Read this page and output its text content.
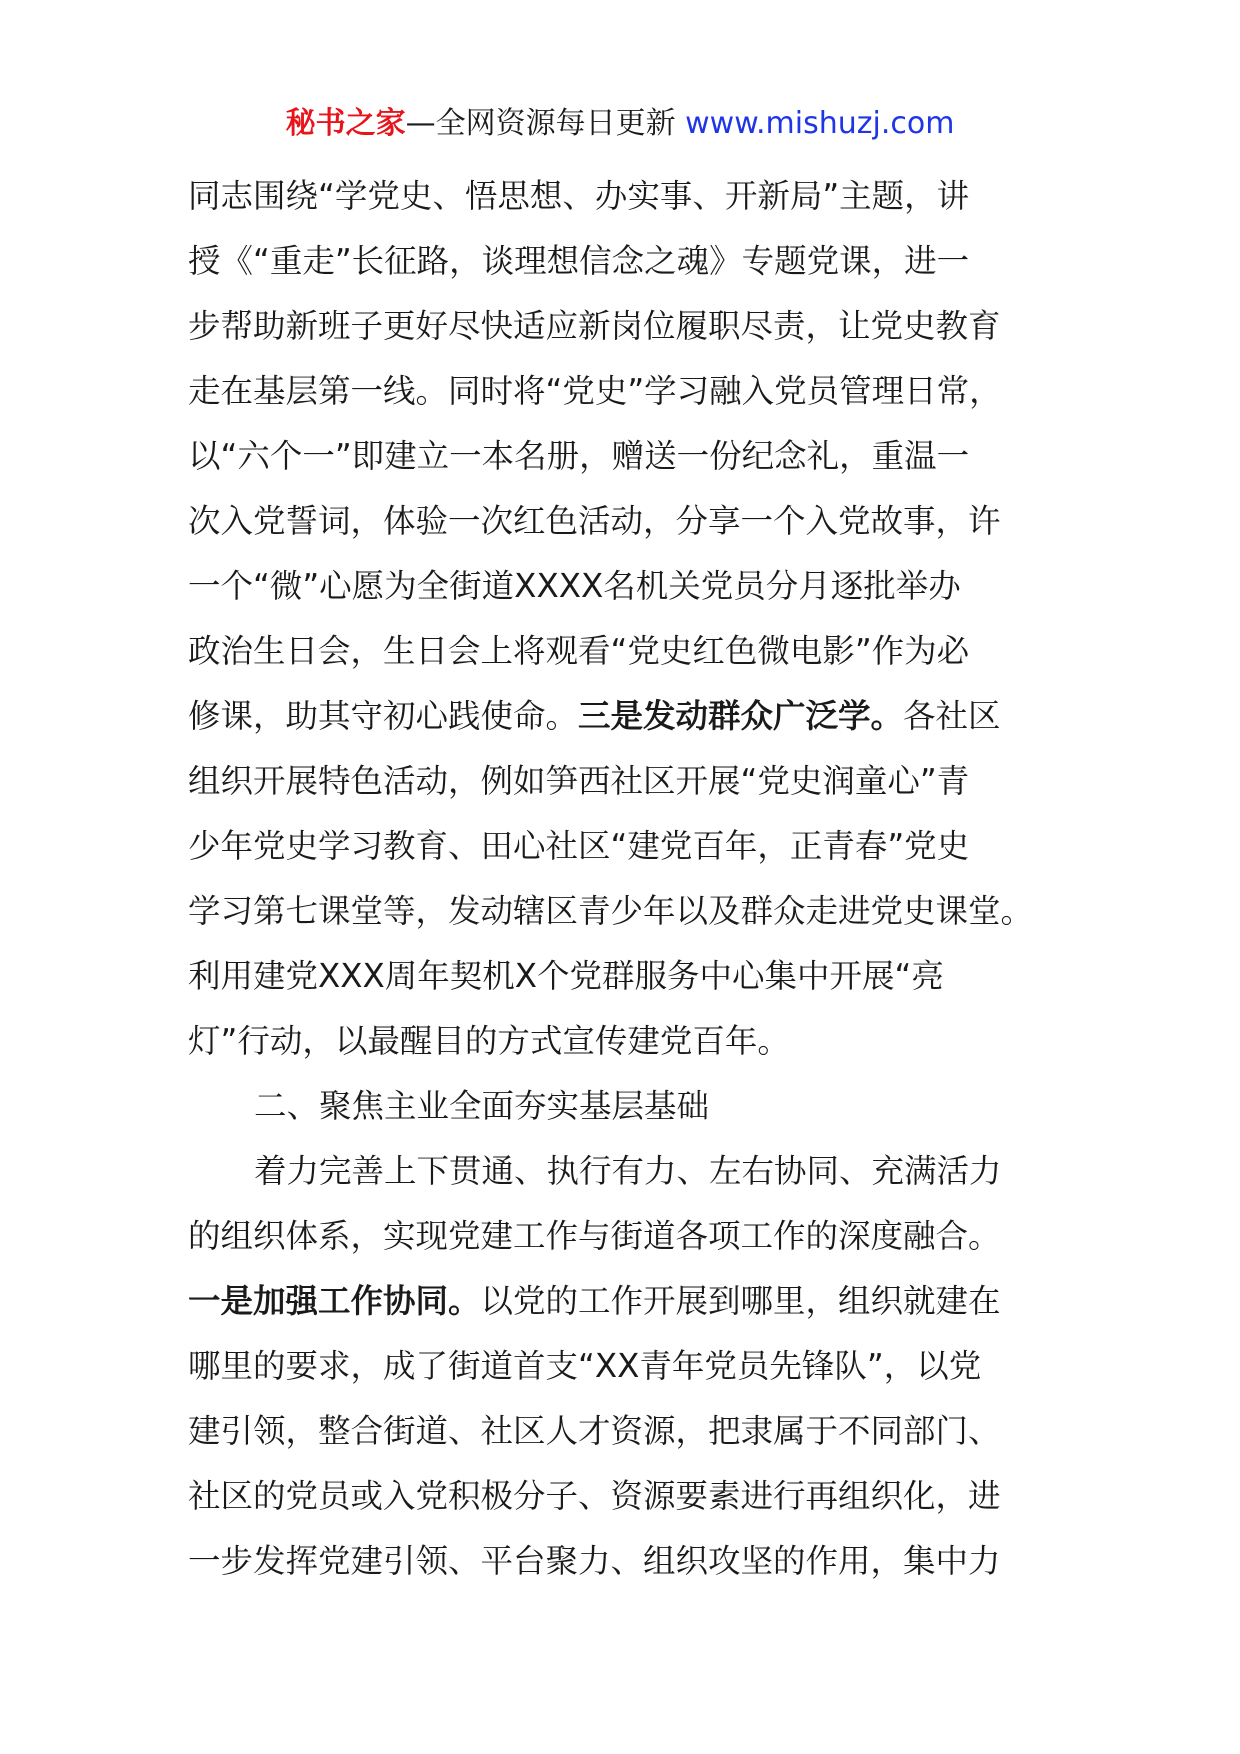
秘书之家—全网资源每日更新 www.mishuzj.com
同志围绕“学党史、悟思想、办实事、开新局”主题，讲
授《“重走”长征路，谈理想信念之魂》专题党课，进一
步帮助新班子更好尽快适应新岗位履职尽责，让党史教育
走在基层第一线。同时将“党史”学习融入党员管理日常，
以“六个一”即建立一本名册，赠送一份纪念礼，重温一
次入党誓词，体验一次红色活动，分享一个入党故事，许
一个“微”心愿为全街道XXXX名机关党员分月逐批举办
政治生日会，生日会上将观看“党史红色微电影”作为必
修课，助其守初心践使命。三是发动群众广泛学。各社区
组织开展特色活动，例如笋西社区开展“党史润童心”青
少年党史学习教育、田心社区“建党百年，正青春”党史
学习第七课堂等，发动辖区青少年以及群众走进党史课堂。
利用建党XXX周年契机X个党群服务中心集中开展“亮
灯”行动，以最醒目的方式宣传建党百年。
二、聚焦主业全面夯实基层基础
着力完善上下贯通、执行有力、左右协同、充满活力
的组织体系，实现党建工作与街道各项工作的深度融合。
一是加强工作协同。以党的工作开展到哪里，组织就建在
哪里的要求，成了街道首支“XX青年党员先锋队”，以党
建引领，整合街道、社区人才资源，把隶属于不同部门、
社区的党员或入党积极分子、资源要素进行再组织化，进
一步发挥党建引领、平台聚力、组织攻坚的作用，集中力
